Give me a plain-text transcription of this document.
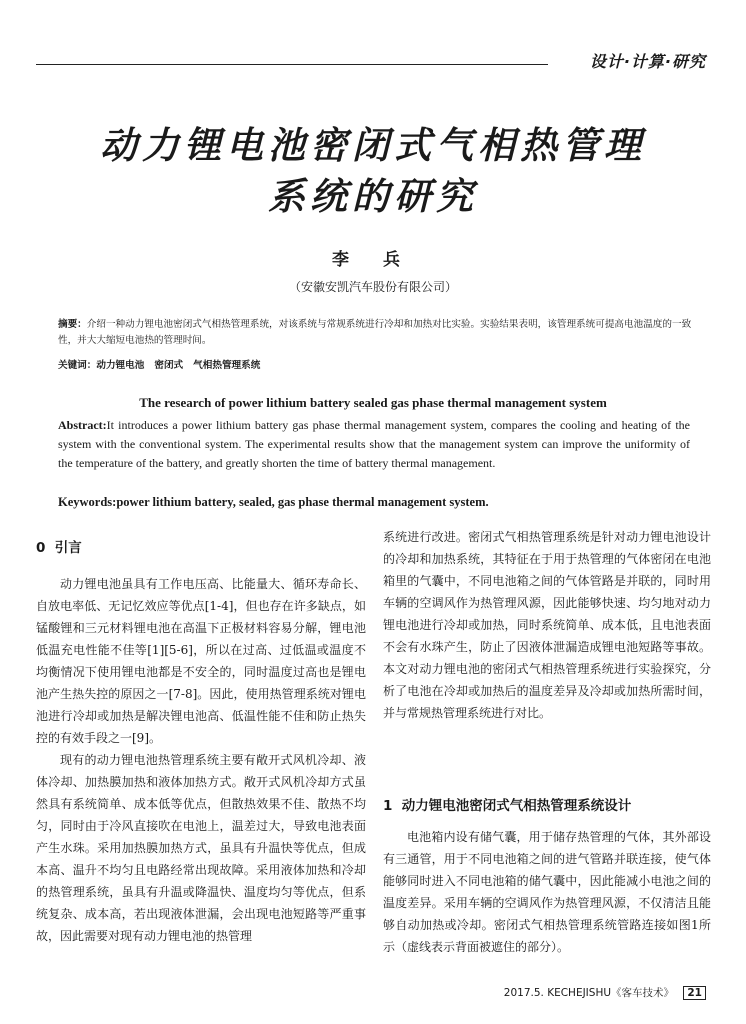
设计·计算·研究
动力锂电池密闭式气相热管理
系统的研究
李 兵
（安徽安凯汽车股份有限公司）
摘要：介绍一种动力锂电池密闭式气相热管理系统，对该系统与常规系统进行冷却和加热对比实验。实验结果表明，该管理系统可提高电池温度的一致性，并大大缩短电池热的管理时间。
关键词：动力锂电池   密闭式   气相热管理系统
The research of power lithium battery sealed gas phase thermal management system
Abstract:It introduces a power lithium battery gas phase thermal management system, compares the cooling and heating of the system with the conventional system. The experimental results show that the management system can improve the uniformity of the temperature of the battery, and greatly shorten the time of battery thermal management.
Keywords:power lithium battery, sealed, gas phase thermal management system.
0  引言

动力锂电池虽具有工作电压高、比能量大、循环寿命长、自放电率低、无记忆效应等优点[1-4]，但也存在许多缺点，如锰酸锂和三元材料锂电池在高温下正极材料容易分解，锂电池低温充电性能不佳等[1][5-6]，所以在过高、过低温或温度不均衡情况下使用锂电池都是不安全的，同时温度过高也是锂电池产生热失控的原因之一[7-8]。因此，使用热管理系统对锂电池进行冷却或加热是解决锂电池高、低温性能不佳和防止热失控的有效手段之一[9]。

现有的动力锂电池热管理系统主要有敞开式风机冷却、液体冷却、加热膜加热和液体加热方式。敞开式风机冷却方式虽然具有系统简单、成本低等优点，但散热效果不佳、散热不均匀，同时由于冷风直接吹在电池上，温差过大，导致电池表面产生水珠。采用加热膜加热方式，虽具有升温快等优点，但成本高、温升不均匀且电路经常出现故障。采用液体加热和冷却的热管理系统，虽具有升温或降温快、温度均匀等优点，但系统复杂、成本高，若出现液体泄漏，会出现电池短路等严重事故，因此需要对现有动力锂电池的热管理

系统进行改进。密闭式气相热管理系统是针对动力锂电池设计的冷却和加热系统，其特征在于用于热管理的气体密闭在电池箱里的气囊中，不同电池箱之间的气体管路是并联的，同时用车辆的空调风作为热管理风源，因此能够快速、均匀地对动力锂电池进行冷却或加热，同时系统简单、成本低，且电池表面不会有水珠产生，防止了因液体泄漏造成锂电池短路等事故。本文对动力锂电池的密闭式气相热管理系统进行实验探究，分析了电池在冷却或加热后的温度差异及冷却或加热所需时间，并与常规热管理系统进行对比。

1  动力锂电池密闭式气相热管理系统设计

电池箱内设有储气囊，用于储存热管理的气体，其外部设有三通管，用于不同电池箱之间的进气管路并联连接，使气体能够同时进入不同电池箱的储气囊中，因此能减小电池之间的温度差异。采用车辆的空调风作为热管理风源，不仅清洁且能够自动加热或冷却。密闭式气相热管理系统管路连接如图1所示（虚线表示背面被遮住的部分）。

2017.5. KECHEJISHU《客车技术》 21
